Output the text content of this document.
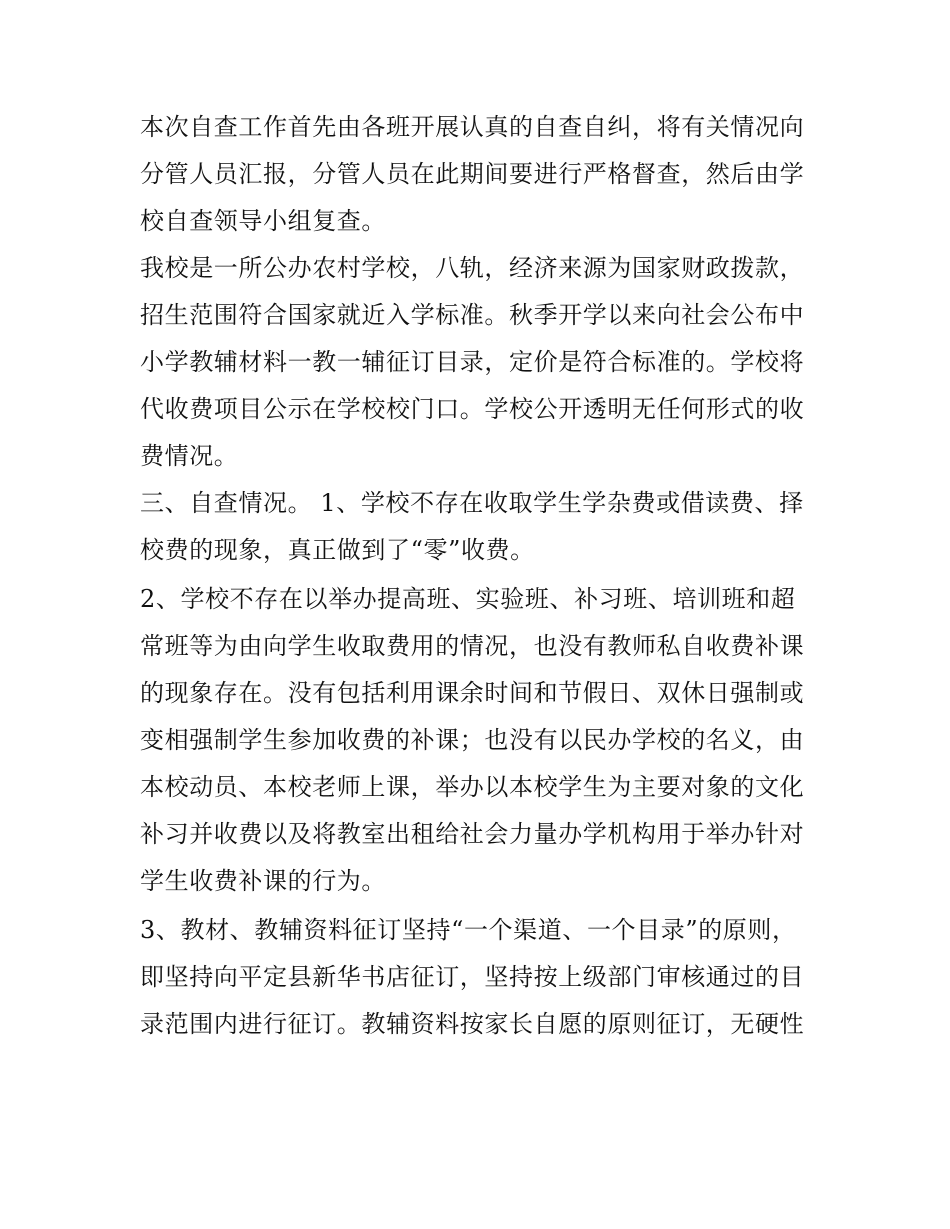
本次自查工作首先由各班开展认真的自查自纠，将有关情况向
分管人员汇报，分管人员在此期间要进行严格督查，然后由学
校自查领导小组复查。

我校是一所公办农村学校，八轨，经济来源为国家财政拨款，
招生范围符合国家就近入学标准。秋季开学以来向社会公布中
小学教辅材料一教一辅征订目录，定价是符合标准的。学校将
代收费项目公示在学校校门口。学校公开透明无任何形式的收
费情况。

三、自查情况。 1、学校不存在收取学生学杂费或借读费、择
校费的现象，真正做到了“零”收费。

2、学校不存在以举办提高班、实验班、补习班、培训班和超
常班等为由向学生收取费用的情况，也没有教师私自收费补课
的现象存在。没有包括利用课余时间和节假日、双休日强制或
变相强制学生参加收费的补课；也没有以民办学校的名义，由
本校动员、本校老师上课，举办以本校学生为主要对象的文化
补习并收费以及将教室出租给社会力量办学机构用于举办针对
学生收费补课的行为。

3、教材、教辅资料征订坚持“一个渠道、一个目录”的原则，
即坚持向平定县新华书店征订，坚持按上级部门审核通过的目
录范围内进行征订。教辅资料按家长自愿的原则征订，无硬性
